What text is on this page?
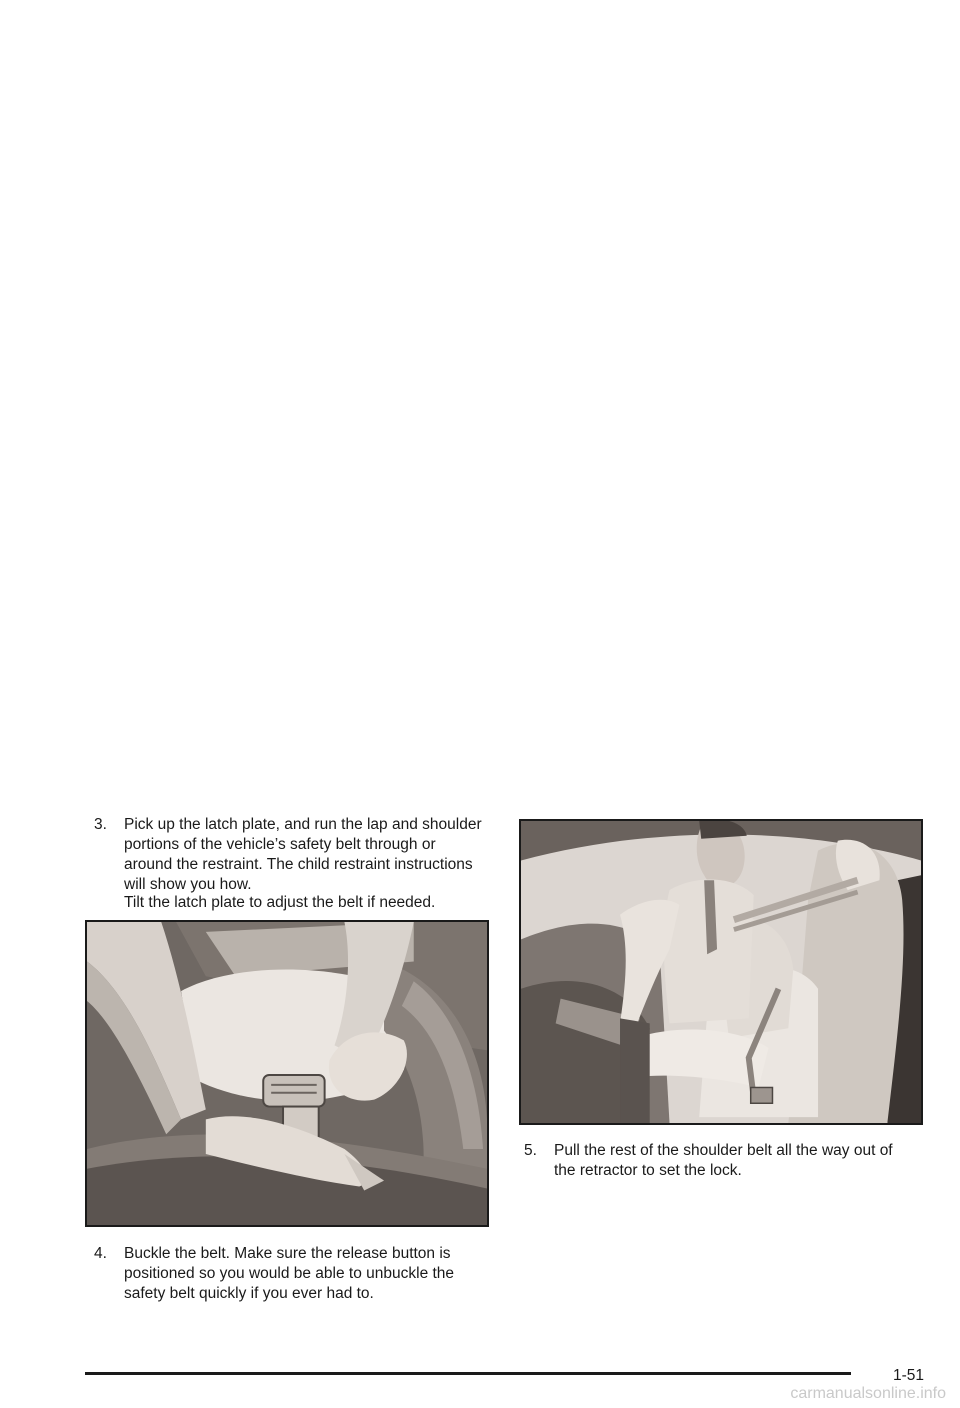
3. Pick up the latch plate, and run the lap and shoulder
portions of the vehicle’s safety belt through or
around the restraint. The child restraint instructions
will show you how.

Tilt the latch plate to adjust the belt if needed.

4. Buckle the belt. Make sure the release button is
positioned so you would be able to unbuckle the
safety belt quickly if you ever had to.
5. Pull the rest of the shoulder belt all the way out of
the retractor to set the lock.
1-51
carmanualsonline.info
